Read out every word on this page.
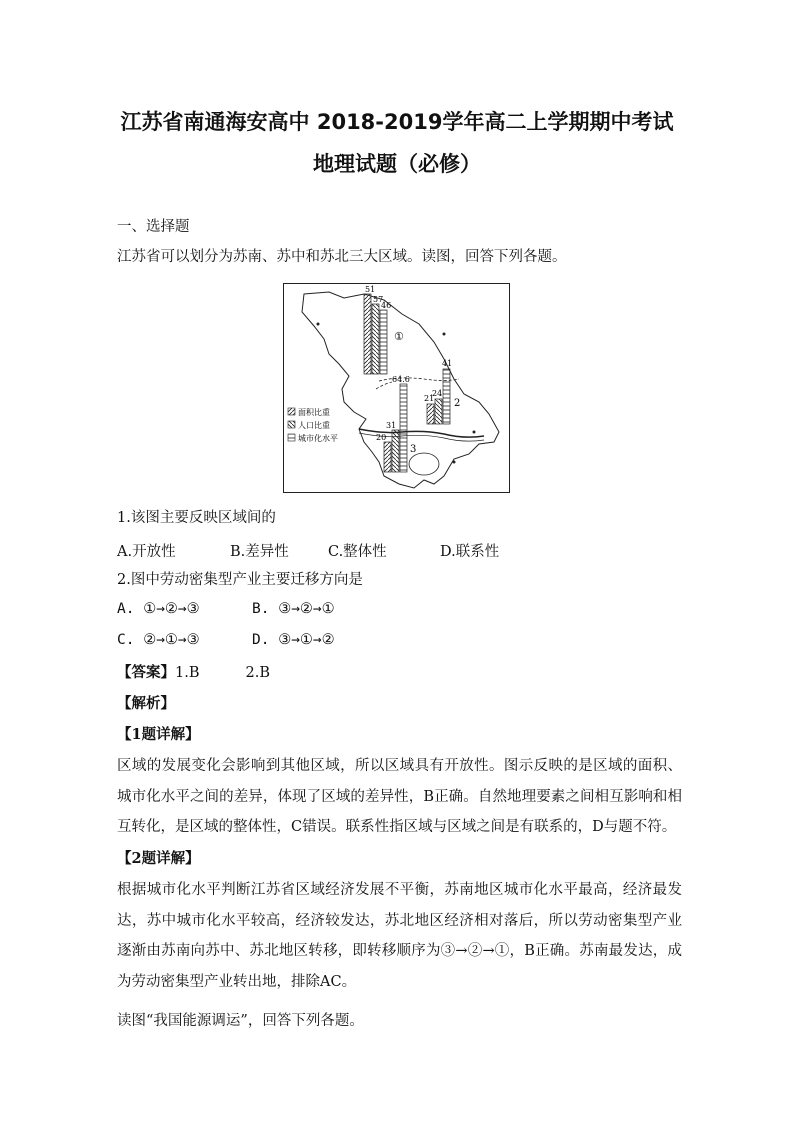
江苏省南通海安高中 2018-2019学年高二上学期期中考试
地理试题（必修）
一、选择题
江苏省可以划分为苏南、苏中和苏北三大区域。读图，回答下列各题。
51
57
46
①
41
64.6
21
24
2
31
20
3
面积比重
人口比重
城市化水平
1.该图主要反映区域间的
A.开放性	B.差异性	C.整体性	D.联系性
2.图中劳动密集型产业主要迁移方向是
A. ①→②→③	B. ③→②→①
C. ②→①→③	D. ③→①→②
【答案】1.B	2.B
【解析】
【1题详解】
区域的发展变化会影响到其他区域，所以区域具有开放性。图示反映的是区域的面积、城市化水平之间的差异，体现了区域的差异性，B正确。自然地理要素之间相互影响和相互转化，是区域的整体性，C错误。联系性指区域与区域之间是有联系的，D与题不符。
【2题详解】
根据城市化水平判断江苏省区域经济发展不平衡，苏南地区城市化水平最高，经济最发达，苏中城市化水平较高，经济较发达，苏北地区经济相对落后，所以劳动密集型产业逐渐由苏南向苏中、苏北地区转移，即转移顺序为③→②→①，B正确。苏南最发达，成为劳动密集型产业转出地，排除AC。
读图“我国能源调运”，回答下列各题。
